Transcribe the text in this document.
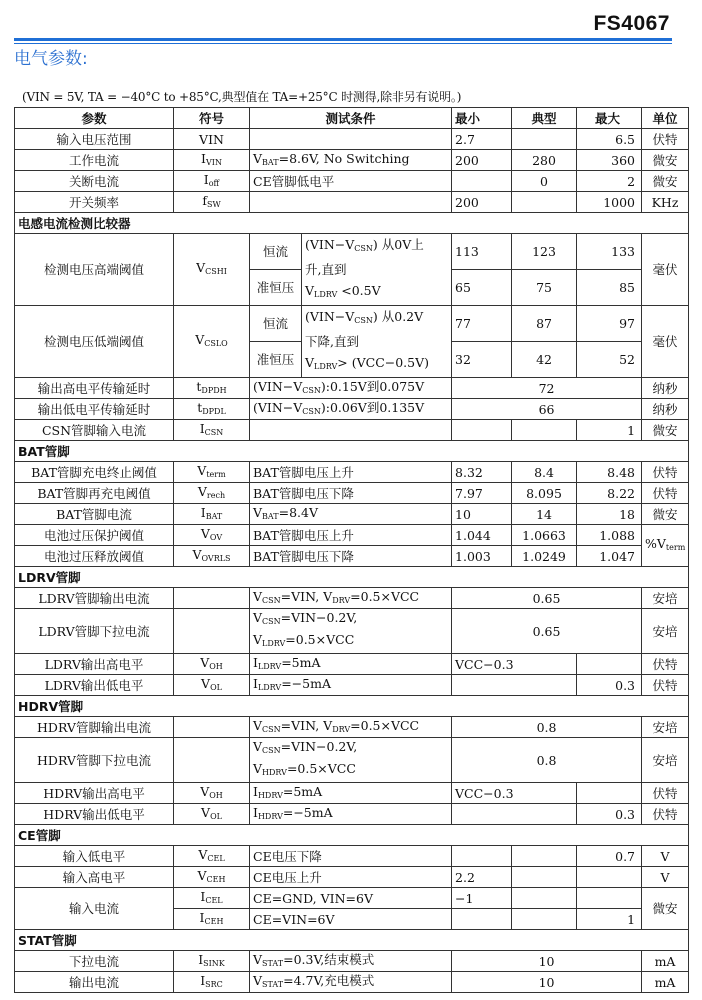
FS4067
电气参数:
(VIN = 5V, TA = −40°C to +85°C,典型值在 TA=+25°C 时测得,除非另有说明。)
参数	符号	测试条件		最小	典型	最大	单位
输入电压范围	VIN			2.7		6.5	伏特
工作电流	$I_{VIN}$	$V_{BAT}=8.6V$, No Switching		200	280	360	微安
关断电流	$I_{off}$	CE管脚低电平			0	2	微安
开关频率	$f_{SW}$			200		1000	KHz
电感电流检测比较器							
检测电压高端阈值	$V_{CSHI}$	恒流	$(VIN-V_{CSN})$ 从0V上
升,直到
$V_{LDRV} <0.5V$	113	123	133	毫伏
		准恒压		65	75	85	
检测电压低端阈值	$V_{CSLO}$	恒流	$(VIN-V_{CSN})$ 从0.2V
下降,直到
$V_{LDRV}> (VCC-0.5V)$	77	87	97	毫伏
		准恒压		32	42	52	
输出高电平传输延时	$t_{DPDH}$	$(VIN-V_{CSN}):0.15V$到0.075V		72			纳秒
输出低电平传输延时	$t_{DPDL}$	$(VIN-V_{CSN}):0.06V$到0.135V		66			纳秒
CSN管脚输入电流	$I_{CSN}$					1	微安
BAT管脚							
BAT管脚充电终止阈值	$V_{term}$	BAT管脚电压上升		8.32	8.4	8.48	伏特
BAT管脚再充电阈值	$V_{rech}$	BAT管脚电压下降		7.97	8.095	8.22	伏特
BAT管脚电流	$I_{BAT}$	$V_{BAT}=8.4V$		10	14	18	微安
电池过压保护阈值	$V_{OV}$	BAT管脚电压上升		1.044	1.0663	1.088	$\%V_{term}$
电池过压释放阈值	$V_{OVRLS}$	BAT管脚电压下降		1.003	1.0249	1.047	
LDRV管脚							
LDRV管脚输出电流		$V_{CSN}=VIN$, $V_{DRV}=0.5\times VCC$		0.65			安培
LDRV管脚下拉电流		$V_{CSN}=VIN-0.2V$,
$V_{LDRV}=0.5\times VCC$		0.65			安培
LDRV输出高电平	$V_{OH}$	$I_{LDRV}=5mA$		VCC−0.3			伏特
LDRV输出低电平	$V_{OL}$	$I_{LDRV}=-5mA$				0.3	伏特
HDRV管脚							
HDRV管脚输出电流		$V_{CSN}=VIN$, $V_{DRV}=0.5\times VCC$		0.8			安培
HDRV管脚下拉电流		$V_{CSN}=VIN-0.2V$,
$V_{HDRV}=0.5\times VCC$		0.8			安培
HDRV输出高电平	$V_{OH}$	$I_{HDRV}=5mA$		VCC−0.3			伏特
HDRV输出低电平	$V_{OL}$	$I_{HDRV}=-5mA$				0.3	伏特
CE管脚							
输入低电平	$V_{CEL}$	CE电压下降				0.7	V
输入高电平	$V_{CEH}$	CE电压上升		2.2			V
输入电流	$I_{CEL}$	CE=GND, VIN=6V		−1			微安
	$I_{CEH}$	CE=VIN=6V				1	
STAT管脚							
下拉电流	$I_{SINK}$	$V_{STAT}=0.3V$,结束模式		10			mA
输出电流	$I_{SRC}$	$V_{STAT}=4.7V$,充电模式		10			mA
